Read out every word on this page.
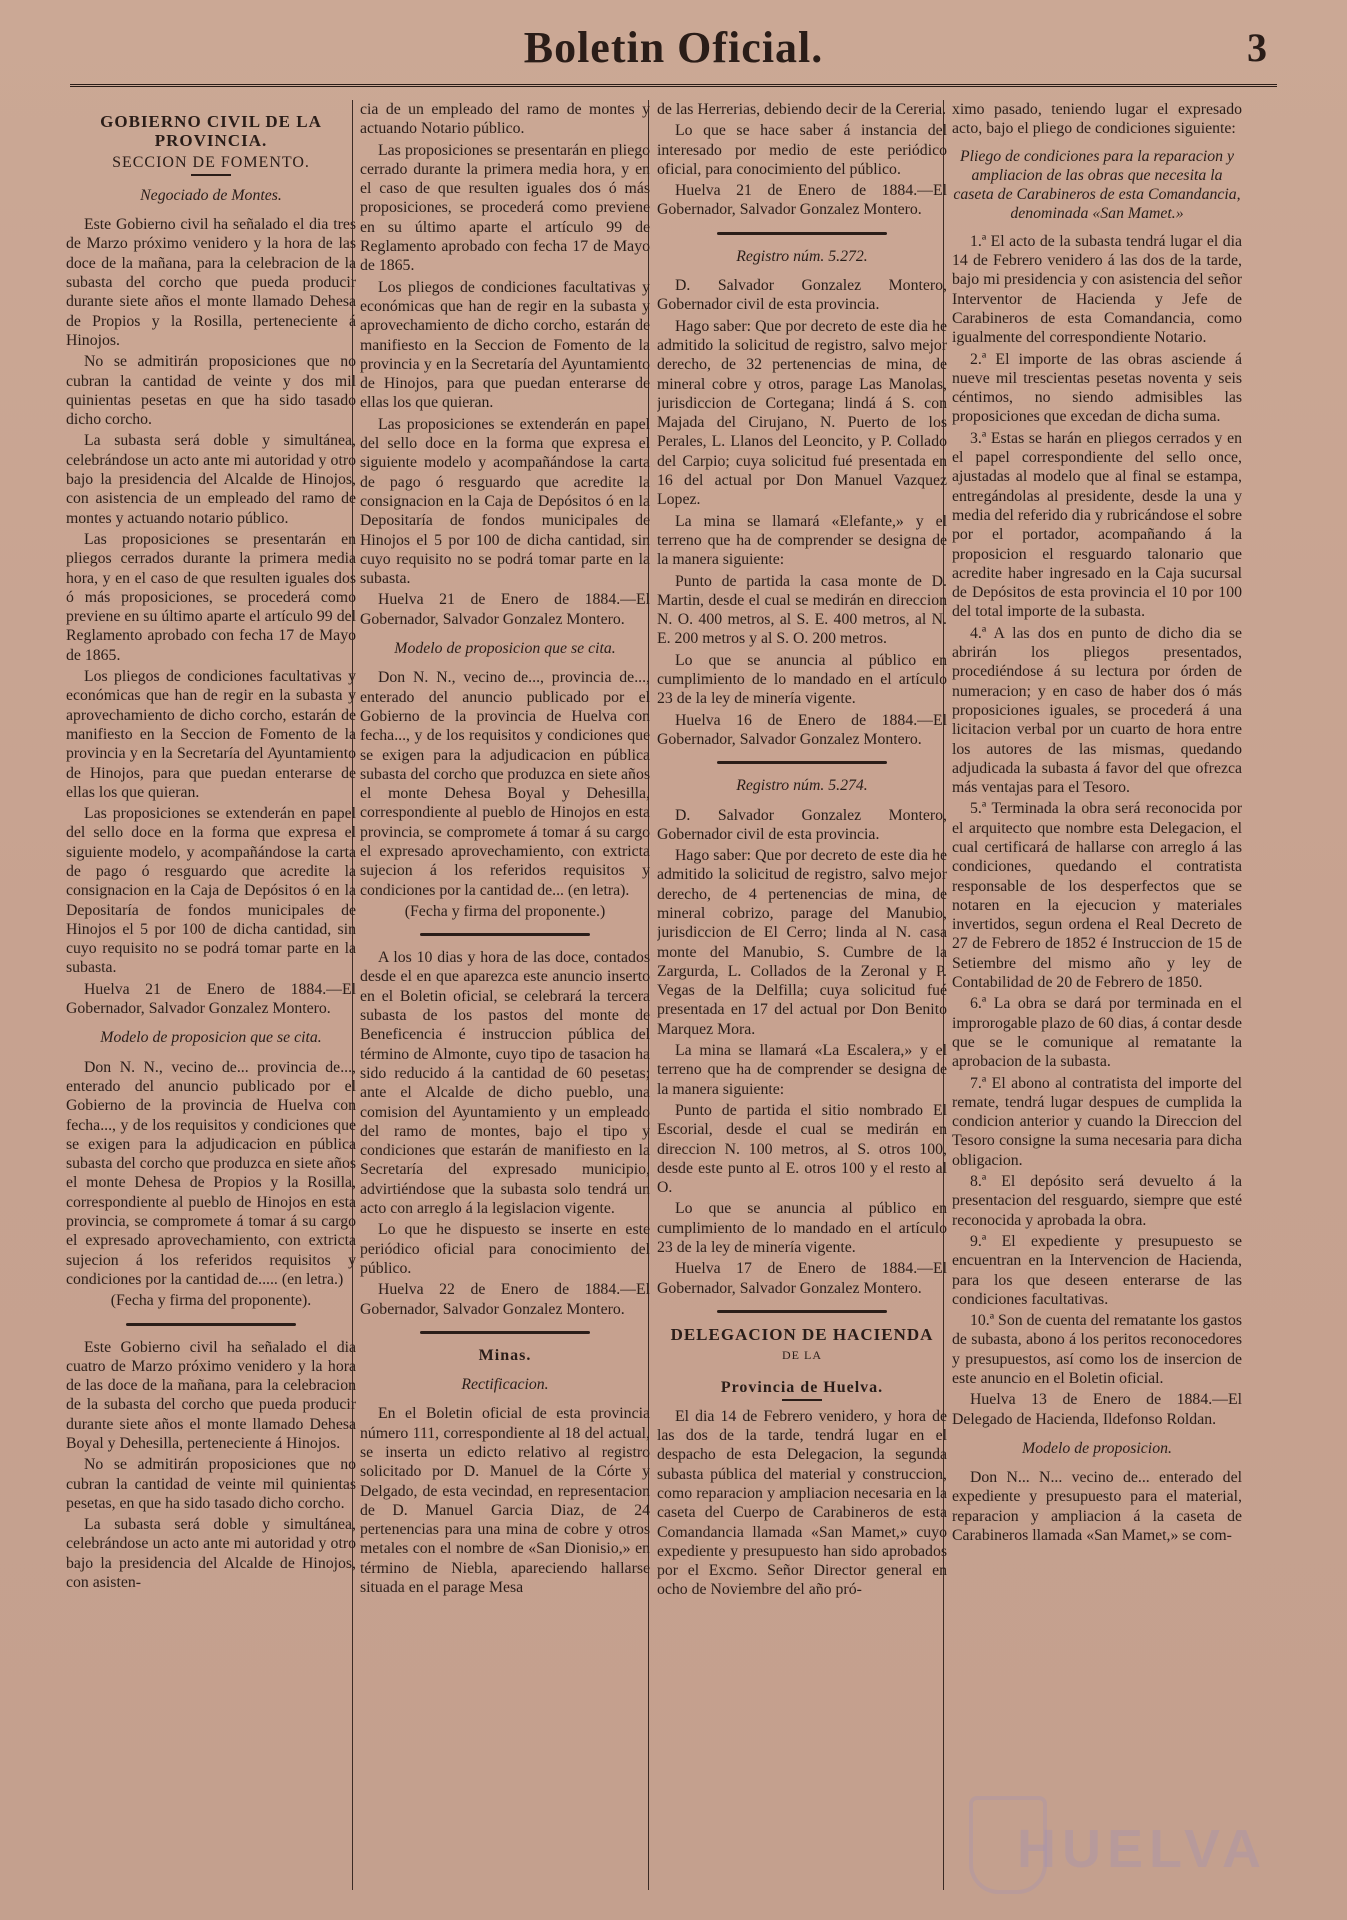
Boletin Oficial.	3
GOBIERNO CIVIL DE LA PROVINCIA.
SECCION DE FOMENTO.
Negociado de Montes.

Este Gobierno civil ha señalado el dia tres de Marzo próximo venidero y la hora de las doce de la mañana, para la celebracion de la subasta del corcho que pueda producir durante siete años el monte llamado Dehesa de Propios y la Rosilla, perteneciente á Hinojos.

No se admitirán proposiciones que no cubran la cantidad de veinte y dos mil quinientas pesetas en que ha sido tasado dicho corcho.

La subasta será doble y simultánea, celebrándose un acto ante mi autoridad y otro bajo la presidencia del Alcalde de Hinojos, con asistencia de un empleado del ramo de montes y actuando notario público.

Las proposiciones se presentarán en pliegos cerrados durante la primera media hora, y en el caso de que resulten iguales dos ó más proposiciones, se procederá como previene en su último aparte el artículo 99 del Reglamento aprobado con fecha 17 de Mayo de 1865.

Los pliegos de condiciones facultativas y económicas que han de regir en la subasta y aprovechamiento de dicho corcho, estarán de manifiesto en la Seccion de Fomento de la provincia y en la Secretaría del Ayuntamiento de Hinojos, para que puedan enterarse de ellas los que quieran.

Las proposiciones se extenderán en papel del sello doce en la forma que expresa el siguiente modelo, y acompañándose la carta de pago ó resguardo que acredite la consignacion en la Caja de Depósitos ó en la Depositaría de fondos municipales de Hinojos el 5 por 100 de dicha cantidad, sin cuyo requisito no se podrá tomar parte en la subasta.

Huelva 21 de Enero de 1884.—El Gobernador, Salvador Gonzalez Montero.

Modelo de proposicion que se cita.

Don N. N., vecino de... provincia de..., enterado del anuncio publicado por el Gobierno de la provincia de Huelva con fecha..., y de los requisitos y condiciones que se exigen para la adjudicacion en pública subasta del corcho que produzca en siete años el monte Dehesa de Propios y la Rosilla, correspondiente al pueblo de Hinojos en esta provincia, se compromete á tomar á su cargo el expresado aprovechamiento, con extricta sujecion á los referidos requisitos y condiciones por la cantidad de..... (en letra.)

(Fecha y firma del proponente).

Este Gobierno civil ha señalado el dia cuatro de Marzo próximo venidero y la hora de las doce de la mañana, para la celebracion de la subasta del corcho que pueda producir durante siete años el monte llamado Dehesa Boyal y Dehesilla, perteneciente á Hinojos.

No se admitirán proposiciones que no cubran la cantidad de veinte mil quinientas pesetas, en que ha sido tasado dicho corcho.

La subasta será doble y simultánea, celebrándose un acto ante mi autoridad y otro bajo la presidencia del Alcalde de Hinojos, con asisten-

cia de un empleado del ramo de montes y actuando Notario público.

Las proposiciones se presentarán en pliego cerrado durante la primera media hora, y en el caso de que resulten iguales dos ó más proposiciones, se procederá como previene en su último aparte el artículo 99 de Reglamento aprobado con fecha 17 de Mayo de 1865.

Los pliegos de condiciones facultativas y económicas que han de regir en la subasta y aprovechamiento de dicho corcho, estarán de manifiesto en la Seccion de Fomento de la provincia y en la Secretaría del Ayuntamiento de Hinojos, para que puedan enterarse de ellas los que quieran.

Las proposiciones se extenderán en papel del sello doce en la forma que expresa el siguiente modelo y acompañándose la carta de pago ó resguardo que acredite la consignacion en la Caja de Depósitos ó en la Depositaría de fondos municipales de Hinojos el 5 por 100 de dicha cantidad, sin cuyo requisito no se podrá tomar parte en la subasta.

Huelva 21 de Enero de 1884.—El Gobernador, Salvador Gonzalez Montero.

Modelo de proposicion que se cita.

Don N. N., vecino de..., provincia de..., enterado del anuncio publicado por el Gobierno de la provincia de Huelva con fecha..., y de los requisitos y condiciones que se exigen para la adjudicacion en pública subasta del corcho que produzca en siete años el monte Dehesa Boyal y Dehesilla, correspondiente al pueblo de Hinojos en esta provincia, se compromete á tomar á su cargo el expresado aprovechamiento, con extricta sujecion á los referidos requisitos y condiciones por la cantidad de... (en letra).

(Fecha y firma del proponente.)

A los 10 dias y hora de las doce, contados desde el en que aparezca este anuncio inserto en el Boletin oficial, se celebrará la tercera subasta de los pastos del monte de Beneficencia é instruccion pública del término de Almonte, cuyo tipo de tasacion ha sido reducido á la cantidad de 60 pesetas; ante el Alcalde de dicho pueblo, una comision del Ayuntamiento y un empleado del ramo de montes, bajo el tipo y condiciones que estarán de manifiesto en la Secretaría del expresado municipio, advirtiéndose que la subasta solo tendrá un acto con arreglo á la legislacion vigente.

Lo que he dispuesto se inserte en este periódico oficial para conocimiento del público.

Huelva 22 de Enero de 1884.—El Gobernador, Salvador Gonzalez Montero.

Minas.
Rectificacion.

En el Boletin oficial de esta provincia número 111, correspondiente al 18 del actual, se inserta un edicto relativo al registro solicitado por D. Manuel de la Córte y Delgado, de esta vecindad, en representacion de D. Manuel Garcia Diaz, de 24 pertenencias para una mina de cobre y otros metales con el nombre de «San Dionisio,» en término de Niebla, apareciendo hallarse situada en el parage Mesa

de las Herrerias, debiendo decir de la Cereria.

Lo que se hace saber á instancia del interesado por medio de este periódico oficial, para conocimiento del público.

Huelva 21 de Enero de 1884.—El Gobernador, Salvador Gonzalez Montero.

Registro núm. 5.272.

D. Salvador Gonzalez Montero, Gobernador civil de esta provincia.

Hago saber: Que por decreto de este dia he admitido la solicitud de registro, salvo mejor derecho, de 32 pertenencias de mina, de mineral cobre y otros, parage Las Manolas, jurisdiccion de Cortegana; lindá á S. con Majada del Cirujano, N. Puerto de los Perales, L. Llanos del Leoncito, y P. Collado del Carpio; cuya solicitud fué presentada en 16 del actual por Don Manuel Vazquez Lopez.

La mina se llamará «Elefante,» y el terreno que ha de comprender se designa de la manera siguiente:

Punto de partida la casa monte de D. Martin, desde el cual se medirán en direccion N. O. 400 metros, al S. E. 400 metros, al N. E. 200 metros y al S. O. 200 metros.

Lo que se anuncia al público en cumplimiento de lo mandado en el artículo 23 de la ley de minería vigente.

Huelva 16 de Enero de 1884.—El Gobernador, Salvador Gonzalez Montero.

Registro núm. 5.274.

D. Salvador Gonzalez Montero, Gobernador civil de esta provincia.

Hago saber: Que por decreto de este dia he admitido la solicitud de registro, salvo mejor derecho, de 4 pertenencias de mina, de mineral cobrizo, parage del Manubio, jurisdiccion de El Cerro; linda al N. casa monte del Manubio, S. Cumbre de la Zargurda, L. Collados de la Zeronal y P. Vegas de la Delfilla; cuya solicitud fué presentada en 17 del actual por Don Benito Marquez Mora.

La mina se llamará «La Escalera,» y el terreno que ha de comprender se designa de la manera siguiente:

Punto de partida el sitio nombrado El Escorial, desde el cual se medirán en direccion N. 100 metros, al S. otros 100, desde este punto al E. otros 100 y el resto al O.

Lo que se anuncia al público en cumplimiento de lo mandado en el artículo 23 de la ley de minería vigente.

Huelva 17 de Enero de 1884.—El Gobernador, Salvador Gonzalez Montero.

DELEGACION DE HACIENDA
DE LA
Provincia de Huelva.

El dia 14 de Febrero venidero, y hora de las dos de la tarde, tendrá lugar en el despacho de esta Delegacion, la segunda subasta pública del material y construccion, como reparacion y ampliacion necesaria en la caseta del Cuerpo de Carabineros de esta Comandancia llamada «San Mamet,» cuyo expediente y presupuesto han sido aprobados por el Excmo. Señor Director general en ocho de Noviembre del año pró-

ximo pasado, teniendo lugar el expresado acto, bajo el pliego de condiciones siguiente:

Pliego de condiciones para la reparacion y ampliacion de las obras que necesita la caseta de Carabineros de esta Comandancia, denominada «San Mamet.»

1.ª El acto de la subasta tendrá lugar el dia 14 de Febrero venidero á las dos de la tarde, bajo mi presidencia y con asistencia del señor Interventor de Hacienda y Jefe de Carabineros de esta Comandancia, como igualmente del correspondiente Notario.

2.ª El importe de las obras asciende á nueve mil trescientas pesetas noventa y seis céntimos, no siendo admisibles las proposiciones que excedan de dicha suma.

3.ª Estas se harán en pliegos cerrados y en el papel correspondiente del sello once, ajustadas al modelo que al final se estampa, entregándolas al presidente, desde la una y media del referido dia y rubricándose el sobre por el portador, acompañando á la proposicion el resguardo talonario que acredite haber ingresado en la Caja sucursal de Depósitos de esta provincia el 10 por 100 del total importe de la subasta.

4.ª A las dos en punto de dicho dia se abrirán los pliegos presentados, procediéndose á su lectura por órden de numeracion; y en caso de haber dos ó más proposiciones iguales, se procederá á una licitacion verbal por un cuarto de hora entre los autores de las mismas, quedando adjudicada la subasta á favor del que ofrezca más ventajas para el Tesoro.

5.ª Terminada la obra será reconocida por el arquitecto que nombre esta Delegacion, el cual certificará de hallarse con arreglo á las condiciones, quedando el contratista responsable de los desperfectos que se notaren en la ejecucion y materiales invertidos, segun ordena el Real Decreto de 27 de Febrero de 1852 é Instruccion de 15 de Setiembre del mismo año y ley de Contabilidad de 20 de Febrero de 1850.

6.ª La obra se dará por terminada en el improrogable plazo de 60 dias, á contar desde que se le comunique al rematante la aprobacion de la subasta.

7.ª El abono al contratista del importe del remate, tendrá lugar despues de cumplida la condicion anterior y cuando la Direccion del Tesoro consigne la suma necesaria para dicha obligacion.

8.ª El depósito será devuelto á la presentacion del resguardo, siempre que esté reconocida y aprobada la obra.

9.ª El expediente y presupuesto se encuentran en la Intervencion de Hacienda, para los que deseen enterarse de las condiciones facultativas.

10.ª Son de cuenta del rematante los gastos de subasta, abono á los peritos reconocedores y presupuestos, así como los de insercion de este anuncio en el Boletin oficial.

Huelva 13 de Enero de 1884.—El Delegado de Hacienda, Ildefonso Roldan.

Modelo de proposicion.

Don N... N... vecino de... enterado del expediente y presupuesto para el material, reparacion y ampliacion á la caseta de Carabineros llamada «San Mamet,» se com-

HUELVA
